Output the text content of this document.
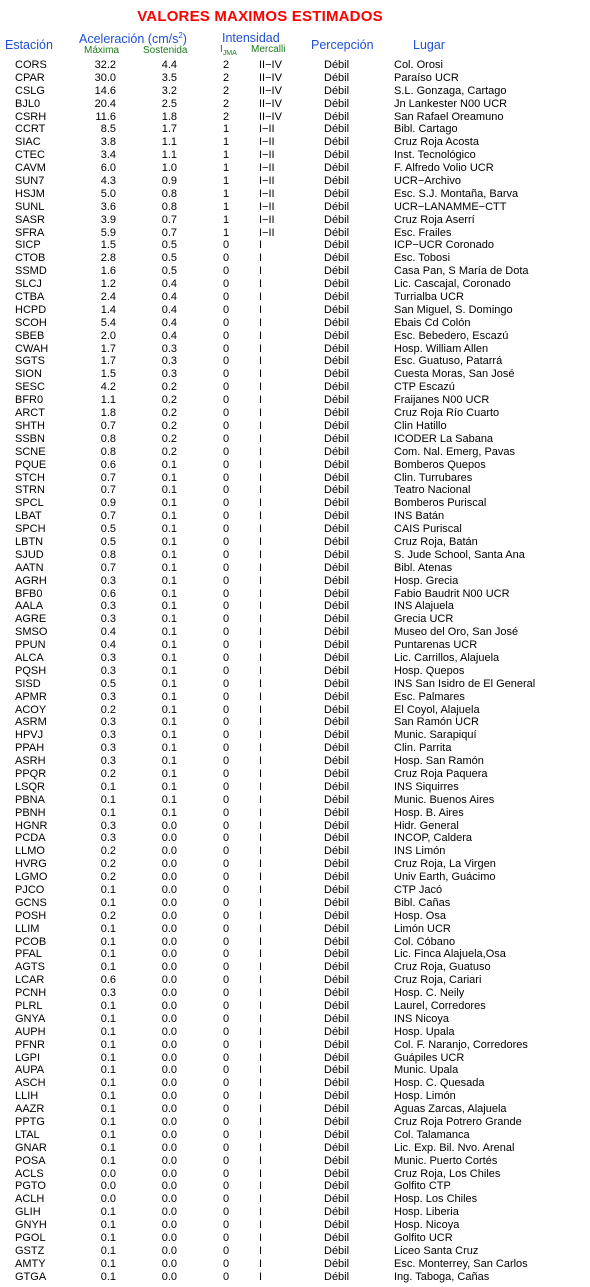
VALORES MAXIMOS ESTIMADOS
Estación Aceleración $(cm/s^2)$
Máxima Sostenida
Intensidad
$I_{JMA}$ Mercalli Percepción	Lugar
CORS	32.2	4.4	2	II−IV	Débil	Col. Orosi
CPAR	30.0	3.5	2	II−IV	Débil	Paraíso UCR
CSLG	14.6	3.2	2	II−IV	Débil	S.L. Gonzaga, Cartago
BJL0	20.4	2.5	2	II−IV	Débil	Jn Lankester N00 UCR
CSRH	11.6	1.8	2	II−IV	Débil	San Rafael Oreamuno
CCRT	8.5	1.7	1	I−II	Débil	Bibl. Cartago
SIAC	3.8	1.1	1	I−II	Débil	Cruz Roja Acosta
CTEC	3.4	1.1	1	I−II	Débil	Inst. Tecnológico
CAVM	6.0	1.0	1	I−II	Débil	F. Alfredo Volio UCR
SUN7	4.3	0.9	1	I−II	Débil	UCR−Archivo
HSJM	5.0	0.8	1	I−II	Débil	Esc. S.J. Montaña, Barva
SUNL	3.6	0.8	1	I−II	Débil	UCR−LANAMME−CTT
SASR	3.9	0.7	1	I−II	Débil	Cruz Roja Aserrí
SFRA	5.9	0.7	1	I−II	Débil	Esc. Frailes
SICP	1.5	0.5	0	I	Débil	ICP−UCR Coronado
CTOB	2.8	0.5	0	I	Débil	Esc. Tobosi
SSMD	1.6	0.5	0	I	Débil	Casa Pan, S María de Dota
SLCJ	1.2	0.4	0	I	Débil	Lic. Cascajal, Coronado
CTBA	2.4	0.4	0	I	Débil	Turrialba UCR
HCPD	1.4	0.4	0	I	Débil	San Miguel, S. Domingo
SCOH	5.4	0.4	0	I	Débil	Ebais Cd Colón
SBEB	2.0	0.4	0	I	Débil	Esc. Bebedero, Escazú
CWAH	1.7	0.3	0	I	Débil	Hosp. William Allen
SGTS	1.7	0.3	0	I	Débil	Esc. Guatuso, Patarrá
SION	1.5	0.3	0	I	Débil	Cuesta Moras, San José
SESC	4.2	0.2	0	I	Débil	CTP Escazú
BFR0	1.1	0.2	0	I	Débil	Fraijanes N00 UCR
ARCT	1.8	0.2	0	I	Débil	Cruz Roja Río Cuarto
SHTH	0.7	0.2	0	I	Débil	Clin Hatillo
SSBN	0.8	0.2	0	I	Débil	ICODER La Sabana
SCNE	0.8	0.2	0	I	Débil	Com. Nal. Emerg, Pavas
PQUE	0.6	0.1	0	I	Débil	Bomberos Quepos
STCH	0.7	0.1	0	I	Débil	Clin. Turrubares
STRN	0.7	0.1	0	I	Débil	Teatro Nacional
SPCL	0.9	0.1	0	I	Débil	Bomberos Puriscal
LBAT	0.7	0.1	0	I	Débil	INS Batán
SPCH	0.5	0.1	0	I	Débil	CAIS Puriscal
LBTN	0.5	0.1	0	I	Débil	Cruz Roja, Batán
SJUD	0.8	0.1	0	I	Débil	S. Jude School, Santa Ana
AATN	0.7	0.1	0	I	Débil	Bibl. Atenas
AGRH	0.3	0.1	0	I	Débil	Hosp. Grecia
BFB0	0.6	0.1	0	I	Débil	Fabio Baudrit N00 UCR
AALA	0.3	0.1	0	I	Débil	INS Alajuela
AGRE	0.3	0.1	0	I	Débil	Grecia UCR
SMSO	0.4	0.1	0	I	Débil	Museo del Oro, San José
PPUN	0.4	0.1	0	I	Débil	Puntarenas UCR
ALCA	0.3	0.1	0	I	Débil	Lic. Carrillos, Alajuela
PQSH	0.3	0.1	0	I	Débil	Hosp. Quepos
SISD	0.5	0.1	0	I	Débil	INS San Isidro de El General
APMR	0.3	0.1	0	I	Débil	Esc. Palmares
ACOY	0.2	0.1	0	I	Débil	El Coyol, Alajuela
ASRM	0.3	0.1	0	I	Débil	San Ramón UCR
HPVJ	0.3	0.1	0	I	Débil	Munic. Sarapiquí
PPAH	0.3	0.1	0	I	Débil	Clin. Parrita
ASRH	0.3	0.1	0	I	Débil	Hosp. San Ramón
PPQR	0.2	0.1	0	I	Débil	Cruz Roja Paquera
LSQR	0.1	0.1	0	I	Débil	INS Siquirres
PBNA	0.1	0.1	0	I	Débil	Munic. Buenos Aires
PBNH	0.1	0.1	0	I	Débil	Hosp. B. Aires
HGNR	0.3	0.0	0	I	Débil	Hidr. General
PCDA	0.3	0.0	0	I	Débil	INCOP, Caldera
LLMO	0.2	0.0	0	I	Débil	INS Limón
HVRG	0.2	0.0	0	I	Débil	Cruz Roja, La Virgen
LGMO	0.2	0.0	0	I	Débil	Univ Earth, Guácimo
PJCO	0.1	0.0	0	I	Débil	CTP Jacó
GCNS	0.1	0.0	0	I	Débil	Bibl. Cañas
POSH	0.2	0.0	0	I	Débil	Hosp. Osa
LLIM	0.1	0.0	0	I	Débil	Limón UCR
PCOB	0.1	0.0	0	I	Débil	Col. Cóbano
PFAL	0.1	0.0	0	I	Débil	Lic. Finca Alajuela,Osa
AGTS	0.1	0.0	0	I	Débil	Cruz Roja, Guatuso
LCAR	0.6	0.0	0	I	Débil	Cruz Roja, Cariari
PCNH	0.3	0.0	0	I	Débil	Hosp. C. Neily
PLRL	0.1	0.0	0	I	Débil	Laurel, Corredores
GNYA	0.1	0.0	0	I	Débil	INS Nicoya
AUPH	0.1	0.0	0	I	Débil	Hosp. Upala
PFNR	0.1	0.0	0	I	Débil	Col. F. Naranjo, Corredores
LGPI	0.1	0.0	0	I	Débil	Guápiles UCR
AUPA	0.1	0.0	0	I	Débil	Munic. Upala
ASCH	0.1	0.0	0	I	Débil	Hosp. C. Quesada
LLIH	0.1	0.0	0	I	Débil	Hosp. Limón
AAZR	0.1	0.0	0	I	Débil	Aguas Zarcas, Alajuela
PPTG	0.1	0.0	0	I	Débil	Cruz Roja Potrero Grande
LTAL	0.1	0.0	0	I	Débil	Col. Talamanca
GNAR	0.1	0.0	0	I	Débil	Lic. Exp. Bil. Nvo. Arenal
POSA	0.1	0.0	0	I	Débil	Munic. Puerto Cortés
ACLS	0.0	0.0	0	I	Débil	Cruz Roja, Los Chiles
PGTO	0.0	0.0	0	I	Débil	Golfito CTP
ACLH	0.0	0.0	0	I	Débil	Hosp. Los Chiles
GLIH	0.1	0.0	0	I	Débil	Hosp. Liberia
GNYH	0.1	0.0	0	I	Débil	Hosp. Nicoya
PGOL	0.1	0.0	0	I	Débil	Golfito UCR
GSTZ	0.1	0.0	0	I	Débil	Liceo Santa Cruz
AMTY	0.1	0.0	0	I	Débil	Esc. Monterrey, San Carlos
GTGA	0.1	0.0	0	I	Débil	Ing. Taboga, Cañas
